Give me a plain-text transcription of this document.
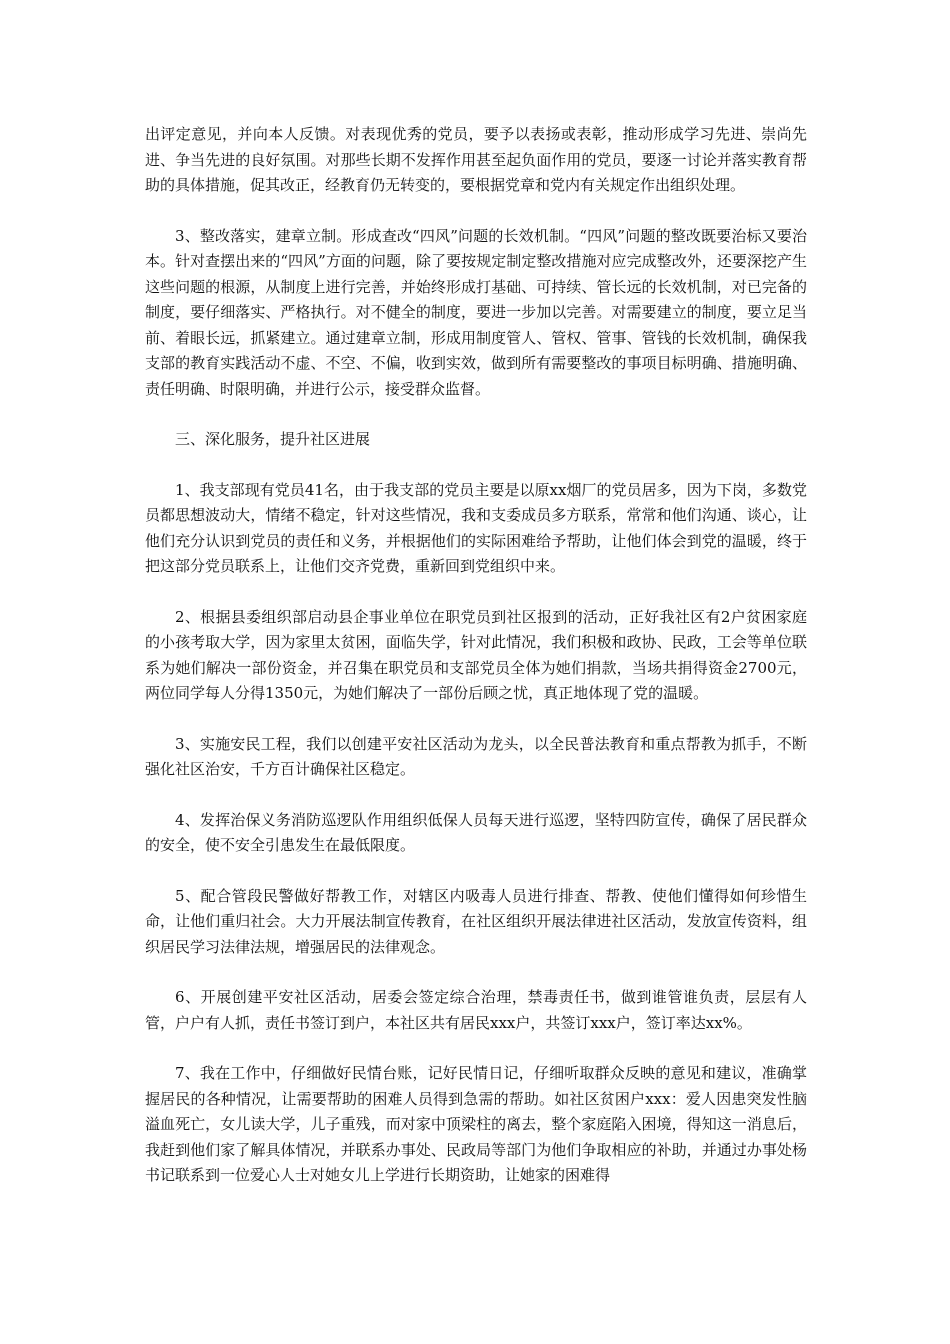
出评定意见，并向本人反馈。对表现优秀的党员，要予以表扬或表彰，推动形成学习先进、崇尚先进、争当先进的良好氛围。对那些长期不发挥作用甚至起负面作用的党员，要逐一讨论并落实教育帮助的具体措施，促其改正，经教育仍无转变的，要根据党章和党内有关规定作出组织处理。

3、整改落实，建章立制。形成查改“四风”问题的长效机制。“四风”问题的整改既要治标又要治本。针对查摆出来的“四风”方面的问题，除了要按规定制定整改措施对应完成整改外，还要深挖产生这些问题的根源，从制度上进行完善，并始终形成打基础、可持续、管长远的长效机制，对已完备的制度，要仔细落实、严格执行。对不健全的制度，要进一步加以完善。对需要建立的制度，要立足当前、着眼长远，抓紧建立。通过建章立制，形成用制度管人、管权、管事、管钱的长效机制，确保我支部的教育实践活动不虚、不空、不偏，收到实效，做到所有需要整改的事项目标明确、措施明确、责任明确、时限明确，并进行公示，接受群众监督。

三、深化服务，提升社区进展

1、我支部现有党员41名，由于我支部的党员主要是以原xx烟厂的党员居多，因为下岗，多数党员都思想波动大，情绪不稳定，针对这些情况，我和支委成员多方联系，常常和他们沟通、谈心，让他们充分认识到党员的责任和义务，并根据他们的实际困难给予帮助，让他们体会到党的温暖，终于把这部分党员联系上，让他们交齐党费，重新回到党组织中来。

2、根据县委组织部启动县企事业单位在职党员到社区报到的活动，正好我社区有2户贫困家庭的小孩考取大学，因为家里太贫困，面临失学，针对此情况，我们积极和政协、民政，工会等单位联系为她们解决一部份资金，并召集在职党员和支部党员全体为她们捐款，当场共捐得资金2700元，两位同学每人分得1350元，为她们解决了一部份后顾之忧，真正地体现了党的温暖。

3、实施安民工程，我们以创建平安社区活动为龙头，以全民普法教育和重点帮教为抓手，不断强化社区治安，千方百计确保社区稳定。

4、发挥治保义务消防巡逻队作用组织低保人员每天进行巡逻，坚特四防宣传，确保了居民群众的安全，使不安全引患发生在最低限度。

5、配合管段民警做好帮教工作，对辖区内吸毒人员进行排查、帮教、使他们懂得如何珍惜生命，让他们重归社会。大力开展法制宣传教育，在社区组织开展法律进社区活动，发放宣传资料，组织居民学习法律法规，增强居民的法律观念。

6、开展创建平安社区活动，居委会签定综合治理，禁毒责任书，做到谁管谁负责，层层有人管，户户有人抓，责任书签订到户，本社区共有居民xxx户，共签订xxx户，签订率达xx%。

7、我在工作中，仔细做好民情台账，记好民情日记，仔细听取群众反映的意见和建议，准确掌握居民的各种情况，让需要帮助的困难人员得到急需的帮助。如社区贫困户xxx：爱人因患突发性脑溢血死亡，女儿读大学，儿子重残，而对家中顶梁柱的离去，整个家庭陷入困境，得知这一消息后，我赶到他们家了解具体情况，并联系办事处、民政局等部门为他们争取相应的补助，并通过办事处杨书记联系到一位爱心人士对她女儿上学进行长期资助，让她家的困难得
